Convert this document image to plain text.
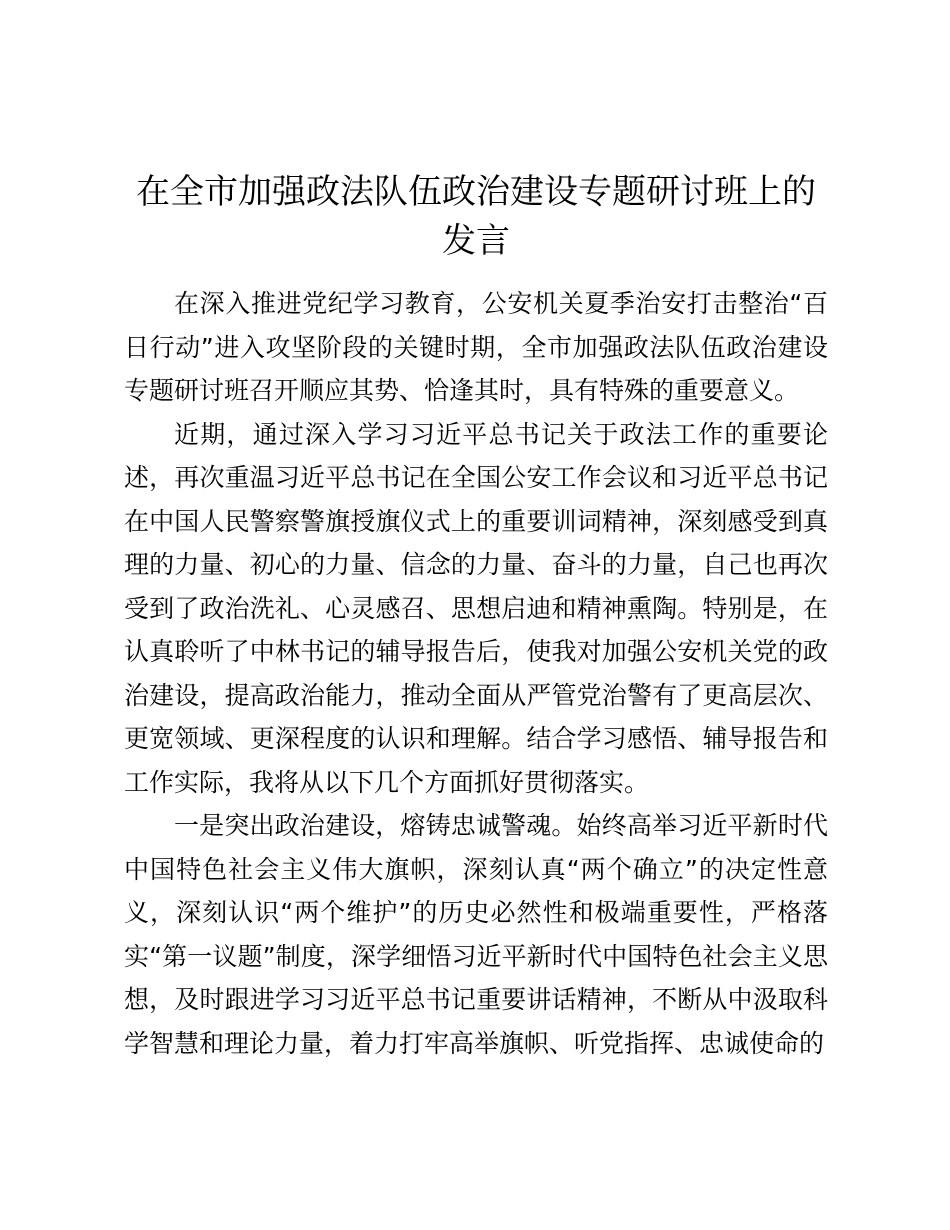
在全市加强政法队伍政治建设专题研讨班上的发言

在深入推进党纪学习教育，公安机关夏季治安打击整治“百日行动”进入攻坚阶段的关键时期，全市加强政法队伍政治建设专题研讨班召开顺应其势、恰逢其时，具有特殊的重要意义。

近期，通过深入学习习近平总书记关于政法工作的重要论述，再次重温习近平总书记在全国公安工作会议和习近平总书记在中国人民警察警旗授旗仪式上的重要训词精神，深刻感受到真理的力量、初心的力量、信念的力量、奋斗的力量，自己也再次受到了政治洗礼、心灵感召、思想启迪和精神熏陶。特别是，在认真聆听了中林书记的辅导报告后，使我对加强公安机关党的政治建设，提高政治能力，推动全面从严管党治警有了更高层次、更宽领域、更深程度的认识和理解。结合学习感悟、辅导报告和工作实际，我将从以下几个方面抓好贯彻落实。

一是突出政治建设，熔铸忠诚警魂。始终高举习近平新时代中国特色社会主义伟大旗帜，深刻认真“两个确立”的决定性意义，深刻认识“两个维护”的历史必然性和极端重要性，严格落实“第一议题”制度，深学细悟习近平新时代中国特色社会主义思想，及时跟进学习习近平总书记重要讲话精神，不断从中汲取科学智慧和理论力量，着力打牢高举旗帜、听党指挥、忠诚使命的
